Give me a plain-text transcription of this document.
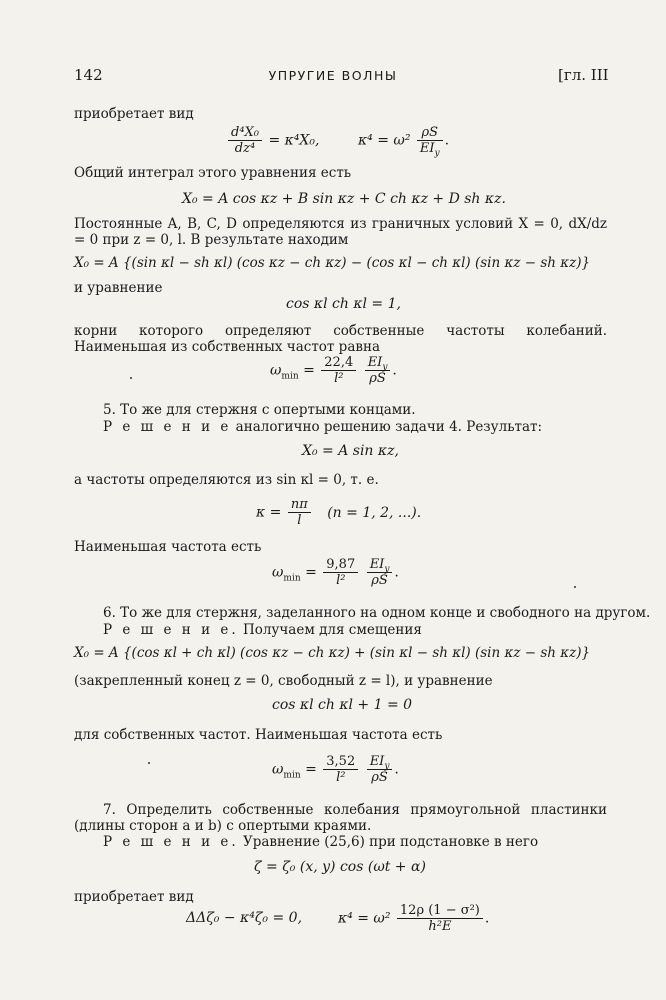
142	УПРУГИЕ ВОЛНЫ	[гл. III
приобретает вид
$\frac{\text{d⁴X₀}}{\text{dz⁴}} = \kappa^4X_0$,	$\kappa^4 = \omega^2 \frac{\rho S}{EI_y}$ .
Общий интеграл этого уравнения есть
X₀ = A cos κz + B sin κz + C ch κz + D sh κz.
Постоянные A, B, C, D определяются из граничных условий X = 0, dX/dz = 0 при z = 0, l. В результате находим
X₀ = A {(sin κl − sh κl) (cos κz − ch κz) − (cos κl − ch κl) (sin κz − sh κz)}
и уравнение
cos κl ch κl = 1,
корни которого определяют собственные частоты колебаний. Наименьшая из собственных частот равна
$\omega_{min} = \frac{22,4}{\text{l²}}$
$\frac{EI_y}{\rho S}$ .
5. То же для стержня с опертыми концами.
Р е ш е н и е аналогично решению задачи 4. Результат:
X₀ = A sin κz,
а частоты определяются из sin κl = 0, т. е.
$\kappa = \frac{n\pi}{l} (n = 1$, 2, ...).
Наименьшая частота есть
$\omega_{min} = \frac{9,87}{\text{l²}}$
$\frac{EI_y}{\rho S}$ .
6. То же для стержня, заделанного на одном конце и свободного на другом.
Р е ш е н и е. Получаем для смещения
X₀ = A {(cos κl + ch κl) (cos κz − ch κz) + (sin κl − sh κl) (sin κz − sh κz)}
(закрепленный конец z = 0, свободный z = l), и уравнение
cos κl ch κl + 1 = 0
для собственных частот. Наименьшая частота есть
$\omega_{min} = \frac{3,52}{\text{l²}}$
$\frac{EI_y}{\rho S}$ .
7. Определить собственные колебания прямоугольной пластинки (длины сторон a и b) с опертыми краями.
Р е ш е н и е. Уравнение (25,6) при подстановке в него
ζ = ζ₀ (x, y) cos (ωt + α)
приобретает вид
ΔΔζ₀ − κ⁴ζ₀ = 0,	$\kappa^4 = \omega^2 \frac{\text{12ρ (1 − σ²)}}{\text{h²E}}$ .
